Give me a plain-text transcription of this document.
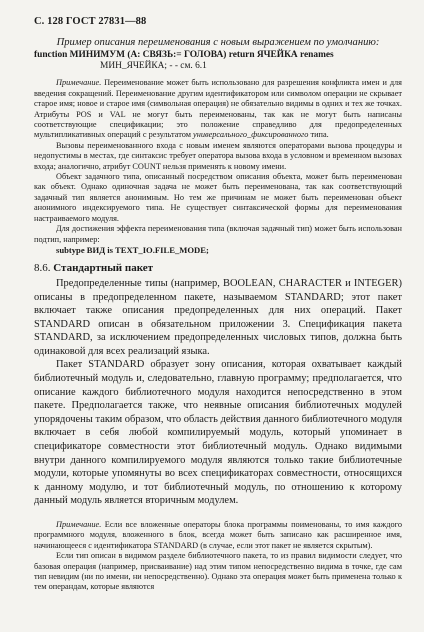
С. 128 ГОСТ 27831—88
Пример описания переименования с новым выражением по умолчанию:
function МИНИМУМ (А: СВЯЗЬ:= ГОЛОВА) return ЯЧЕЙКА renames
МИН_ЯЧЕЙКА; - - см. 6.1

Примечание. Переименование может быть использовано для разрешения конфликта имен и для введения сокращений. Переименование другим идентификатором или символом операции не скрывает старое имя; новое и старое имя (символьная операция) не обязательно видимы в одних и тех же точках. Атрибуты POS и VAL не могут быть переименованы, так как не могут быть написаны соответствующие спецификации; это положение справедливо для предопределенных мультипликативных операций с результатом универсального_фиксированного типа.

Вызовы переименованного входа с новым именем являются операторами вызова процедуры и недопустимы в местах, где синтаксис требует оператора вызова входа в условном и временном вызовах входа; аналогично, атрибут COUNT нельзя применять к новому имени.

Объект задачного типа, описанный посредством описания объекта, может быть переименован как объект. Однако одиночная задача не может быть переименована, так как соответствующий задачный тип является анонимным. Но тем же причинам не может быть переименован объект анонимного индексируемого типа. Не существует синтаксической формы для переименования настраиваемого модуля.

Для достижения эффекта переименования типа (включая задачный тип) может быть использован подтип, например:

subtype ВИД is TEXT_IO.FILE_MODE;

8.6. Стандартный пакет

Предопределенные типы (например, BOOLEAN, CHARACTER и INTEGER) описаны в предопределенном пакете, называемом STANDARD; этот пакет включает также описания предопределенных для них операций. Пакет STANDARD описан в обязательном приложении 3. Спецификация пакета STANDARD, за исключением предопределенных числовых типов, должна быть одинаковой для всех реализаций языка.

Пакет STANDARD образует зону описания, которая охватывает каждый библиотечный модуль и, следовательно, главную программу; предполагается, что описание каждого библиотечного модуля находится непосредственно в этом пакете. Предполагается также, что неявные описания библиотечных модулей упорядочены таким образом, что область действия данного библиотечного модуля включает в себя любой компилируемый модуль, который упоминает в спецификаторе совместности этот библиотечный модуль. Однако видимыми внутри данного компилируемого модуля являются только такие библиотечные модули, которые упомянуты во всех спецификаторах совместности, относящихся к данному модулю, и тот библиотечный модуль, по отношению к которому данный модуль является вторичным модулем.

Примечание. Если все вложенные операторы блока программы поименованы, то имя каждого программного модуля, вложенного в блок, всегда может быть записано как расширенное имя, начинающееся с идентификатора STANDARD (в случае, если этот пакет не является скрытым).

Если тип описан в видимом разделе библиотечного пакета, то из правил видимости следует, что базовая операция (например, присваивание) над этим типом непосредственно видима в точке, где сам тип невидим (ни по имени, ни непосредственно). Однако эта операция может быть применена только к тем операндам, которые являются
